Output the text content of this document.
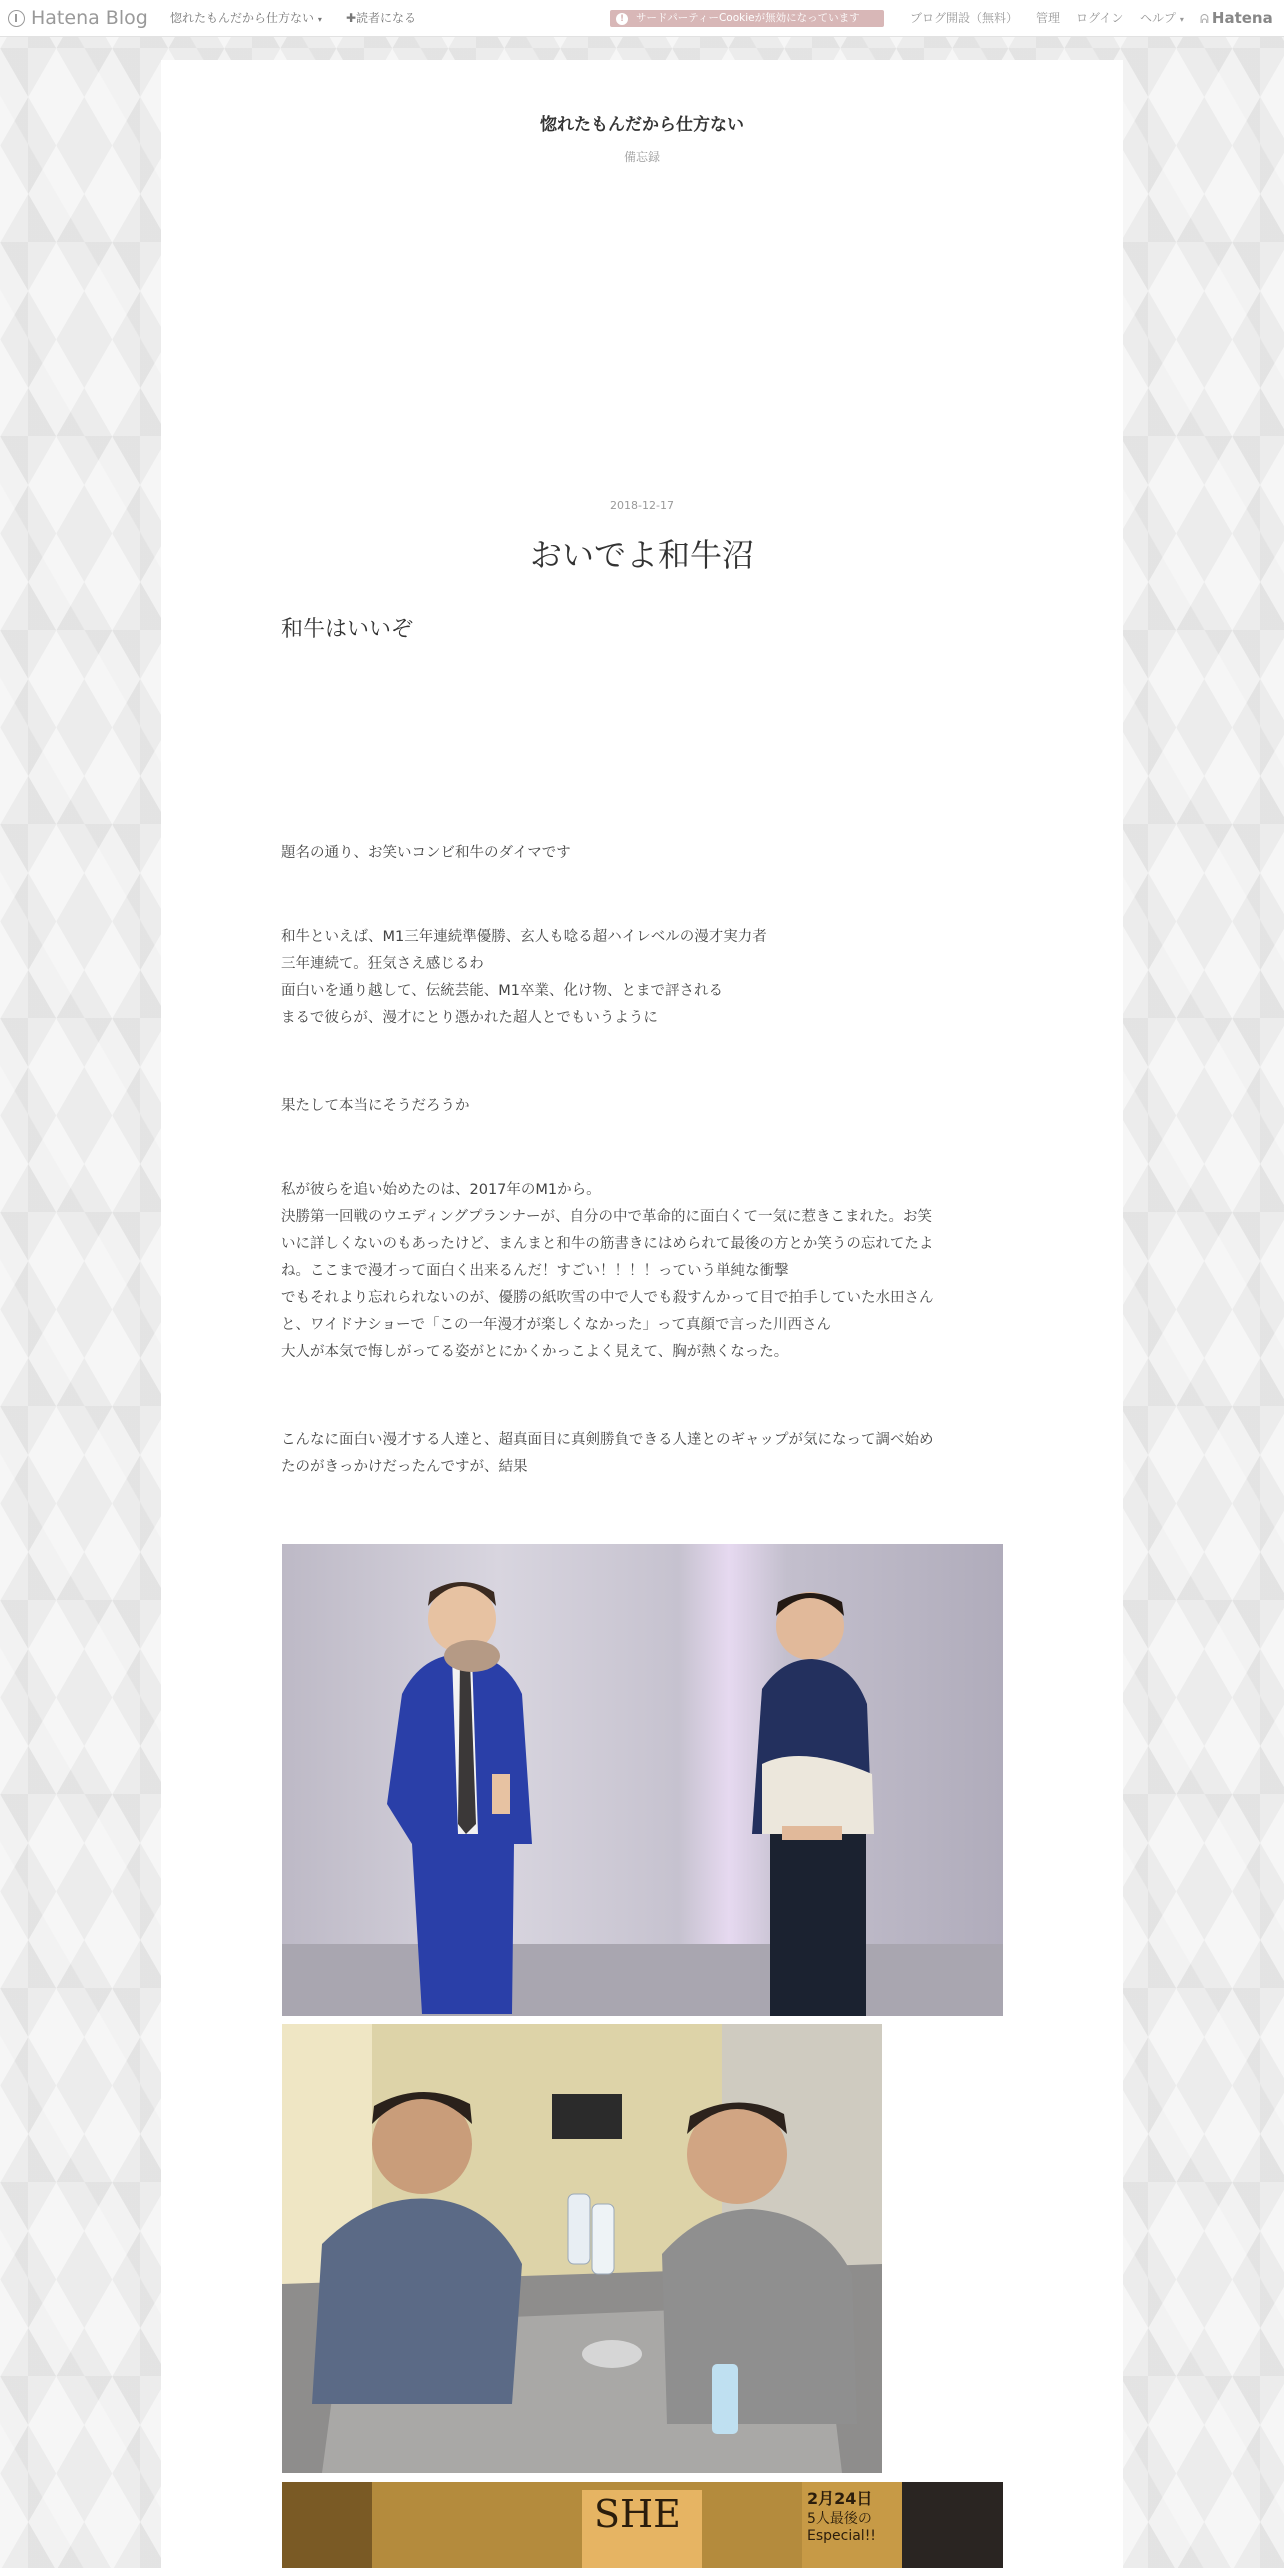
Hatena Blog 惚れたもんだから仕方ない ▾ ✚読者になる	!	サードパーティーCookieが無効になっています	ブログ開設（無料） 管理 ログイン ヘルプ ▾ ᕱ Hatena
惚れたもんだから仕方ない
備忘録
2018-12-17
おいでよ和牛沼
和牛はいいぞ

題名の通り、お笑いコンビ和牛のダイマです

和牛といえば、M1三年連続準優勝、玄人も唸る超ハイレベルの漫才実力者

三年連続て。狂気さえ感じるわ

面白いを通り越して、伝統芸能、M1卒業、化け物、とまで評される

まるで彼らが、漫才にとり憑かれた超人とでもいうように

果たして本当にそうだろうか

私が彼らを追い始めたのは、2017年のM1から。

決勝第一回戦のウエディングプランナーが、自分の中で革命的に面白くて一気に惹きこまれた。お笑

いに詳しくないのもあったけど、まんまと和牛の筋書きにはめられて最後の方とか笑うの忘れてたよ

ね。ここまで漫才って面白く出来るんだ！すごい！！！！っていう単純な衝撃

でもそれより忘れられないのが、優勝の紙吹雪の中で人でも殺すんかって目で拍手していた水田さん

と、ワイドナショーで「この一年漫才が楽しくなかった」って真顔で言った川西さん

大人が本気で悔しがってる姿がとにかくかっこよく見えて、胸が熱くなった。

こんなに面白い漫才する人達と、超真面目に真剣勝負できる人達とのギャップが気になって調べ始め

たのがきっかけだったんですが、結果

SHE	2月24日
5人最後の
Especial!!
